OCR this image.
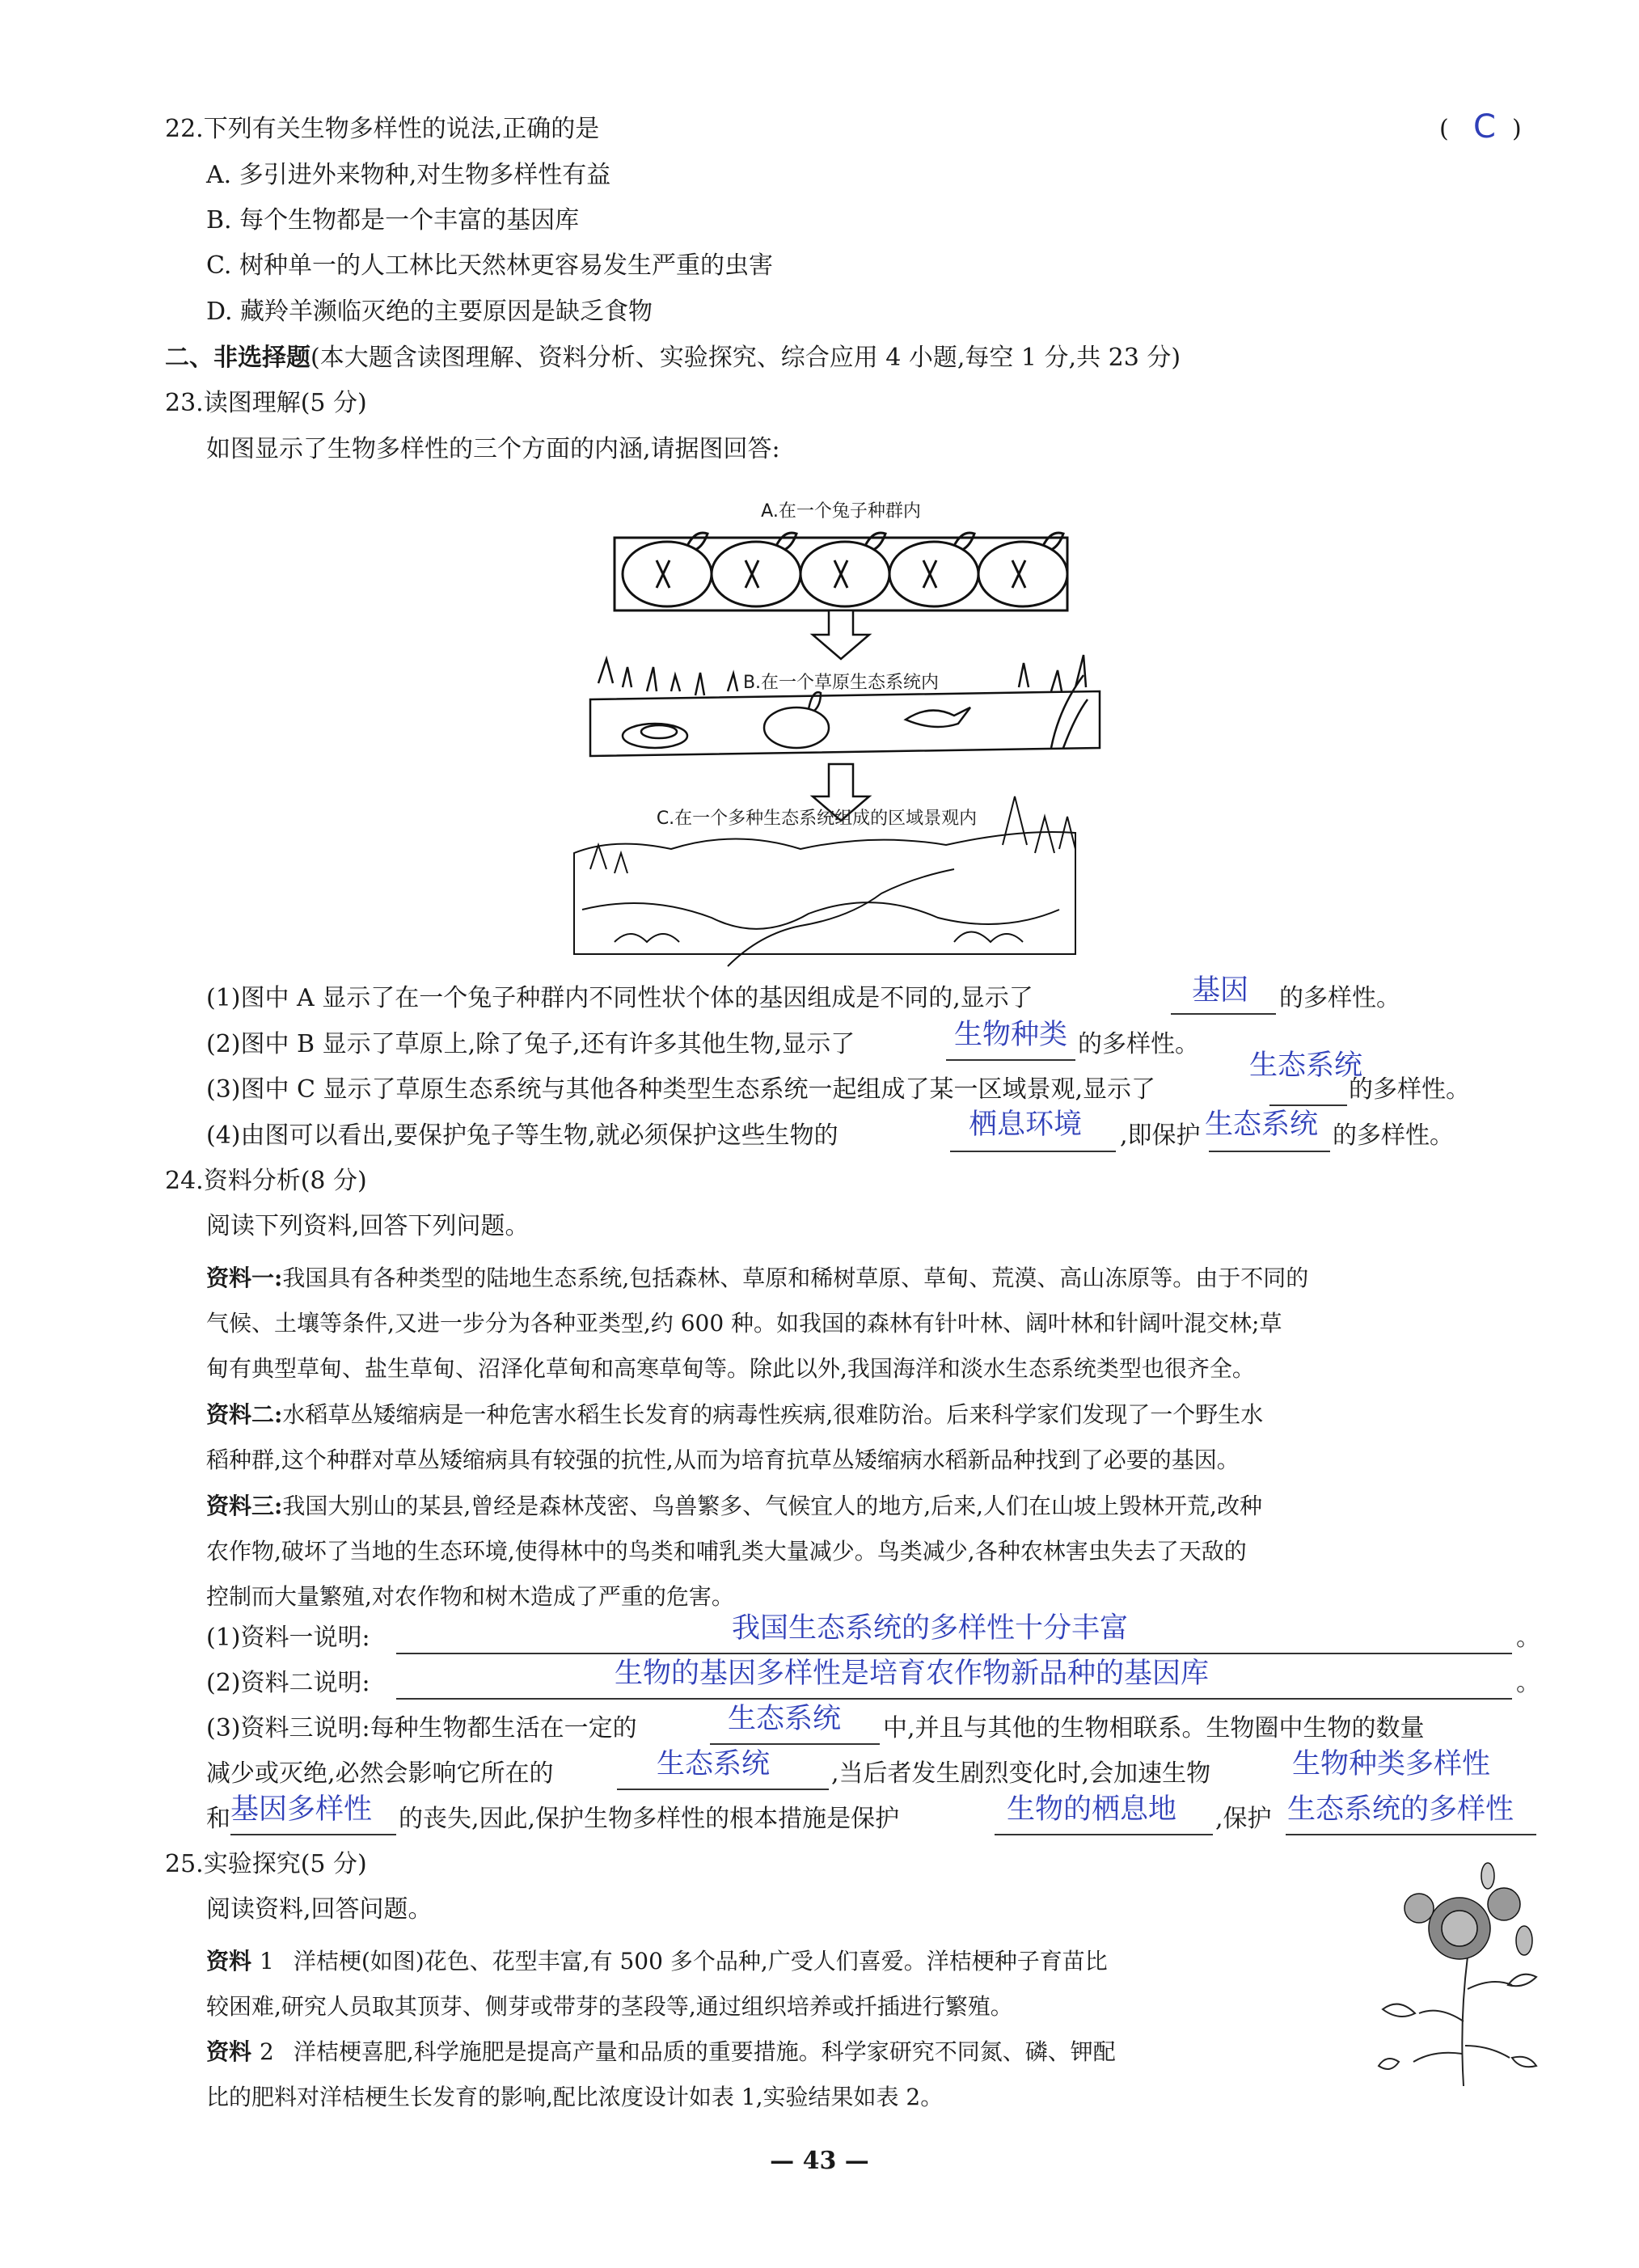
22.下列有关生物多样性的说法,正确的是	( C )
A. 多引进外来物种,对生物多样性有益
B. 每个生物都是一个丰富的基因库
C. 树种单一的人工林比天然林更容易发生严重的虫害
D. 藏羚羊濒临灭绝的主要原因是缺乏食物
二、非选择题(本大题含读图理解、资料分析、实验探究、综合应用 4 小题,每空 1 分,共 23 分)
23.读图理解(5 分)
如图显示了生物多样性的三个方面的内涵,请据图回答:
A.在一个兔子种群内
B.在一个草原生态系统内
C.在一个多种生态系统组成的区域景观内
(1)图中 A 显示了在一个兔子种群内不同性状个体的基因组成是不同的,显示了	基因 的多样性。
(2)图中 B 显示了草原上,除了兔子,还有许多其他生物,显示了	生物种类 的多样性。
生态系统
(3)图中 C 显示了草原生态系统与其他各种类型生态系统一起组成了某一区域景观,显示了	的多样性。
(4)由图可以看出,要保护兔子等生物,就必须保护这些生物的	栖息环境 ,即保护 生态系统 的多样性。
24.资料分析(8 分)
阅读下列资料,回答下列问题。
资料一:我国具有各种类型的陆地生态系统,包括森林、草原和稀树草原、草甸、荒漠、高山冻原等。由于不同的
气候、土壤等条件,又进一步分为各种亚类型,约 600 种。如我国的森林有针叶林、阔叶林和针阔叶混交林;草
甸有典型草甸、盐生草甸、沼泽化草甸和高寒草甸等。除此以外,我国海洋和淡水生态系统类型也很齐全。
资料二:水稻草丛矮缩病是一种危害水稻生长发育的病毒性疾病,很难防治。后来科学家们发现了一个野生水
稻种群,这个种群对草丛矮缩病具有较强的抗性,从而为培育抗草丛矮缩病水稻新品种找到了必要的基因。
资料三:我国大别山的某县,曾经是森林茂密、鸟兽繁多、气候宜人的地方,后来,人们在山坡上毁林开荒,改种
农作物,破坏了当地的生态环境,使得林中的鸟类和哺乳类大量减少。鸟类减少,各种农林害虫失去了天敌的
控制而大量繁殖,对农作物和树木造成了严重的危害。
(1)资料一说明:	我国生态系统的多样性十分丰富	。
(2)资料二说明:	生物的基因多样性是培育农作物新品种的基因库	。
(3)资料三说明:每种生物都生活在一定的	生态系统 中,并且与其他的生物相联系。生物圈中生物的数量
减少或灭绝,必然会影响它所在的	生态系统	,当后者发生剧烈变化时,会加速生物	生物种类多样性
和 基因多样性 的丧失,因此,保护生物多样性的根本措施是保护	生物的栖息地 ,保护 生态系统的多样性
25.实验探究(5 分)
阅读资料,回答问题。
资料 1 洋桔梗(如图)花色、花型丰富,有 500 多个品种,广受人们喜爱。洋桔梗种子育苗比
较困难,研究人员取其顶芽、侧芽或带芽的茎段等,通过组织培养或扦插进行繁殖。
资料 2 洋桔梗喜肥,科学施肥是提高产量和品质的重要措施。科学家研究不同氮、磷、钾配
比的肥料对洋桔梗生长发育的影响,配比浓度设计如表 1,实验结果如表 2。
— 43 —
